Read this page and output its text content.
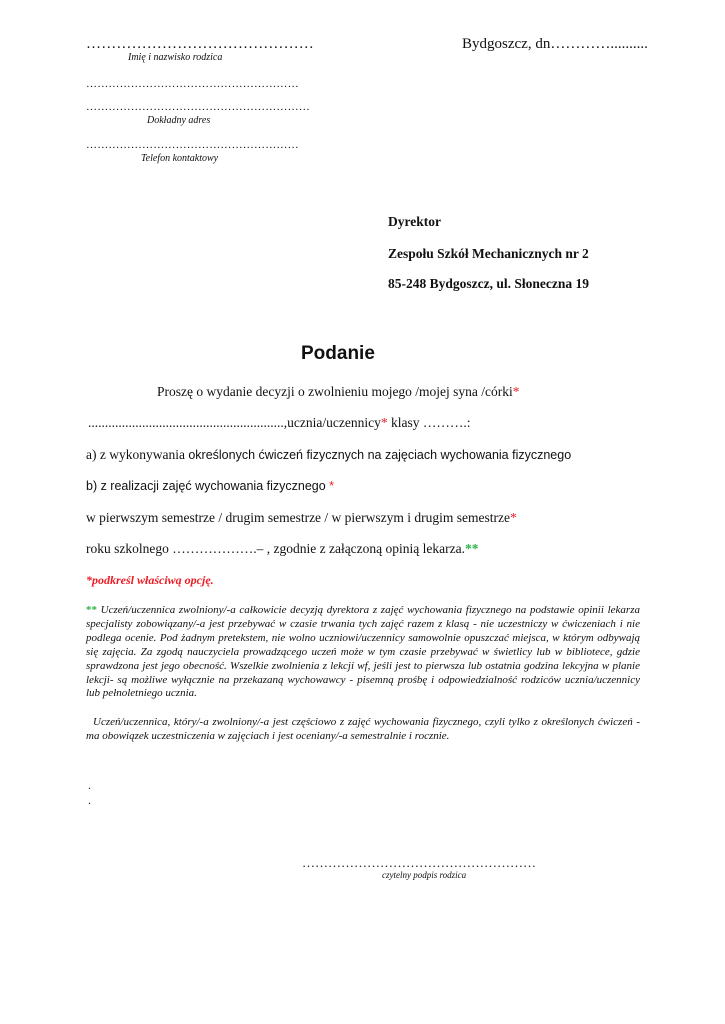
………………………………………
Imię i nazwisko rodzica
Bydgoszcz, dn…………..........
…………………………………………………
……………………………………………………
Dokładny adres
…………………………………………………
Telefon kontaktowy
Dyrektor
Zespołu Szkół Mechanicznych nr 2
85-248 Bydgoszcz, ul. Słoneczna 19
Podanie
Proszę o wydanie decyzji o zwolnieniu mojego /mojej syna /córki*
..........................................................,ucznia/uczennicy* klasy ……….:
a) z wykonywania określonych ćwiczeń fizycznych na zajęciach wychowania fizycznego
b) z realizacji zajęć wychowania fizycznego *
w pierwszym semestrze / drugim semestrze / w pierwszym i drugim semestrze*
roku szkolnego ……………….– , zgodnie z załączoną opinią lekarza.**
*podkreśl właściwą opcję.
** Uczeń/uczennica zwolniony/-a całkowicie decyzją dyrektora z zajęć wychowania fizycznego na podstawie opinii lekarza specjalisty zobowiązany/-a jest przebywać w czasie trwania tych zajęć razem z klasą - nie uczestniczy w ćwiczeniach i nie podlega ocenie. Pod żadnym pretekstem, nie wolno uczniowi/uczennicy samowolnie opuszczać miejsca, w którym odbywają się zajęcia. Za zgodą nauczyciela prowadzącego uczeń może w tym czasie przebywać w świetlicy lub w bibliotece, gdzie sprawdzona jest jego obecność. Wszelkie zwolnienia z lekcji wf, jeśli jest to pierwsza lub ostatnia godzina lekcyjna w planie lekcji- są możliwe wyłącznie na przekazaną wychowawcy - pisemną prośbę i odpowiedzialność rodziców ucznia/uczennicy lub pełnoletniego ucznia.
Uczeń/uczennica, który/-a zwolniony/-a jest częściowo z zajęć wychowania fizycznego, czyli tylko z określonych ćwiczeń - ma obowiązek uczestniczenia w zajęciach i jest oceniany/-a semestralnie i rocznie.
.
.
………………………………………………
czytelny podpis rodzica
